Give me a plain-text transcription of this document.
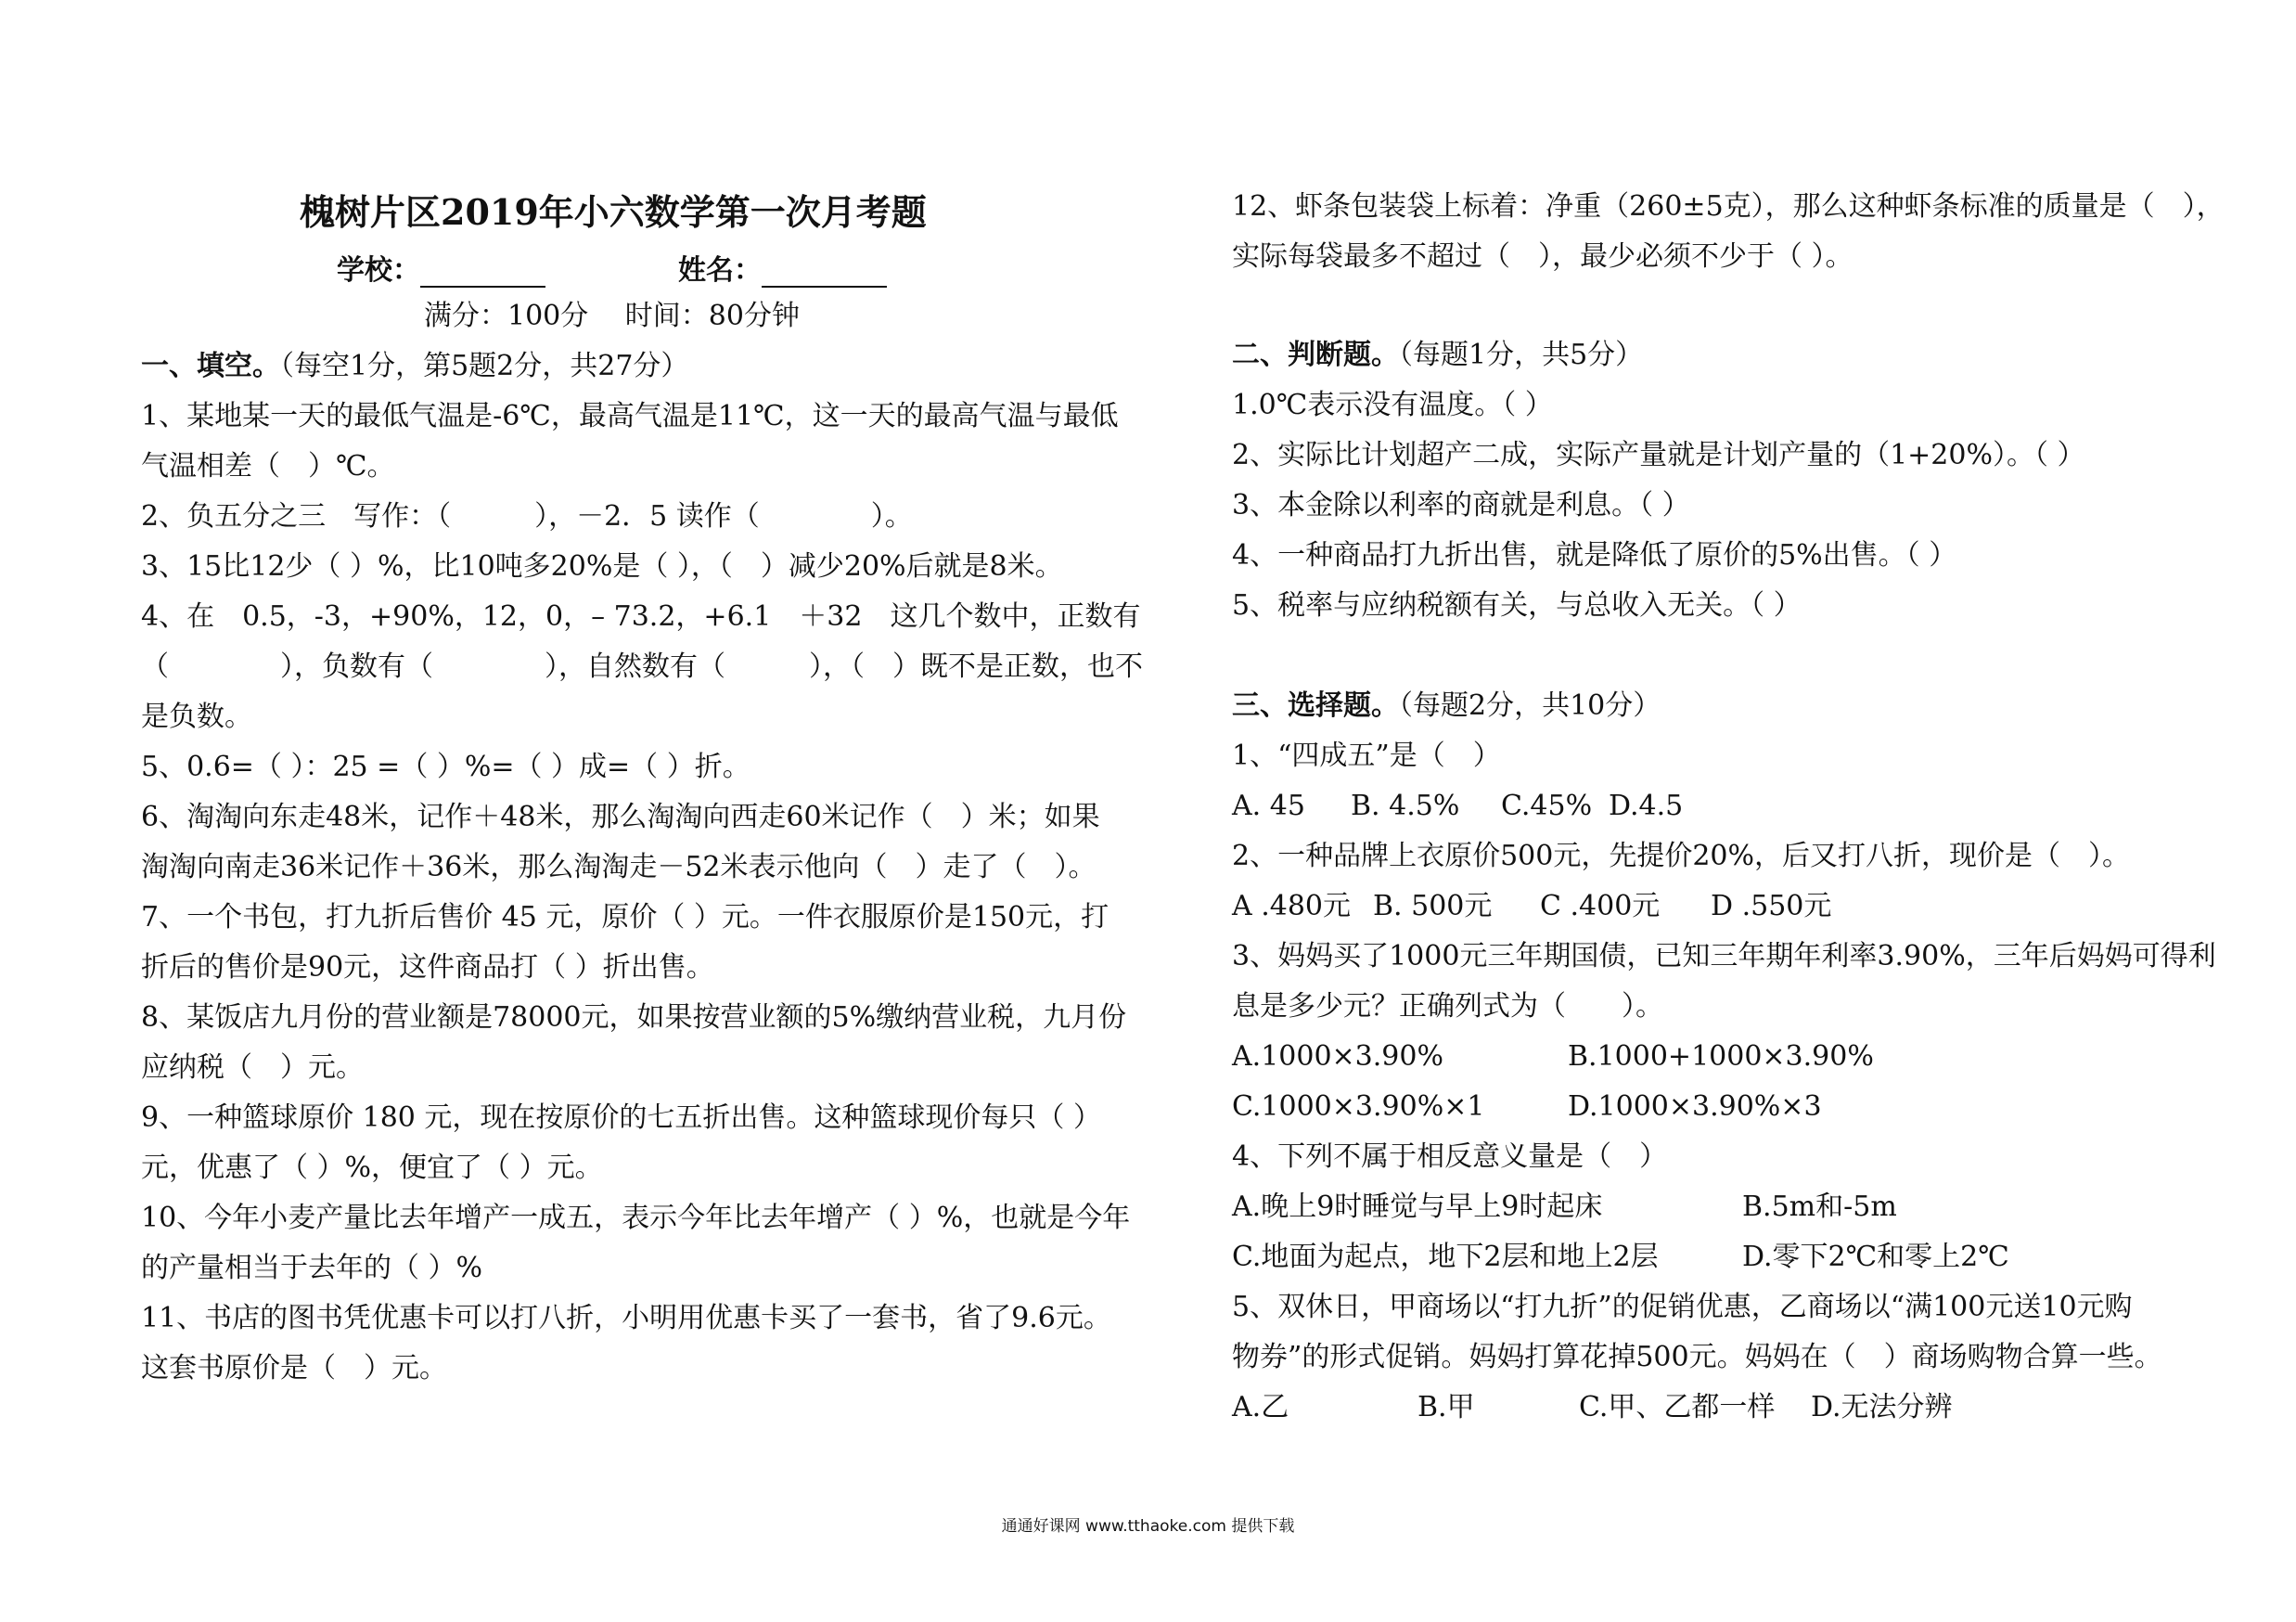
槐树片区2019年小六数学第一次月考题
学校：	姓名：
满分：100分　 时间：80分钟
一、填空。（每空1分，第5题2分，共27分）
1、某地某一天的最低气温是-6℃，最高气温是11℃，这一天的最高气温与最低
气温相差（　）℃。
2、负五分之三　写作：（　　　），－2．5 读作（　　　　）。
3、15比12少（ ）%，比10吨多20%是（ ），（　）减少20%后就是8米。
4、在　0.5，-3，+90%，12，0，– 73.2，+6.1　＋32　这几个数中，正数有
（　　　　），负数有（　　　　），自然数有（　　　），（　）既不是正数，也不
是负数。
5、0.6=（ ）：25 =（ ）%=（ ）成=（ ）折。
6、淘淘向东走48米，记作＋48米，那么淘淘向西走60米记作（　）米；如果
淘淘向南走36米记作＋36米，那么淘淘走－52米表示他向（　）走了（　）。
7、一个书包，打九折后售价 45 元，原价（ ）元。一件衣服原价是150元，打
折后的售价是90元，这件商品打（ ）折出售。
8、某饭店九月份的营业额是78000元，如果按营业额的5%缴纳营业税，九月份
应纳税（　）元。
9、一种篮球原价 180 元，现在按原价的七五折出售。这种篮球现价每只（ ）
元，优惠了（ ）%，便宜了（ ）元。
10、今年小麦产量比去年增产一成五，表示今年比去年增产（ ）%，也就是今年
的产量相当于去年的（ ）%
11、书店的图书凭优惠卡可以打八折，小明用优惠卡买了一套书，省了9.6元。
这套书原价是（　）元。
12、虾条包装袋上标着：净重（260±5克），那么这种虾条标准的质量是（　），
实际每袋最多不超过（　），最少必须不少于（ ）。
二、判断题。（每题1分，共5分）
1.0℃表示没有温度。（ ）
2、实际比计划超产二成，实际产量就是计划产量的（1+20%）。（ ）
3、本金除以利率的商就是利息。（ ）
4、一种商品打九折出售，就是降低了原价的5%出售。（ ）
5、税率与应纳税额有关，与总收入无关。（ ）
三、选择题。（每题2分，共10分）
1、“四成五”是（　）
A. 45 B. 4.5% C.45% D.4.5
2、一种品牌上衣原价500元，先提价20%，后又打八折，现价是（　）。
A .480元 B. 500元 C .400元 D .550元
3、妈妈买了1000元三年期国债，已知三年期年利率3.90%，三年后妈妈可得利
息是多少元？正确列式为（　　）。
A.1000×3.90%	B.1000+1000×3.90%
C.1000×3.90%×1	D.1000×3.90%×3
4、下列不属于相反意义量是（　）
A.晚上9时睡觉与早上9时起床	B.5m和-5m
C.地面为起点，地下2层和地上2层	D.零下2℃和零上2℃
5、双休日，甲商场以“打九折”的促销优惠，乙商场以“满100元送10元购
物券”的形式促销。妈妈打算花掉500元。妈妈在（　）商场购物合算一些。
A.乙	B.甲	C.甲、乙都一样 D.无法分辨
通通好课网 www.tthaoke.com 提供下载
